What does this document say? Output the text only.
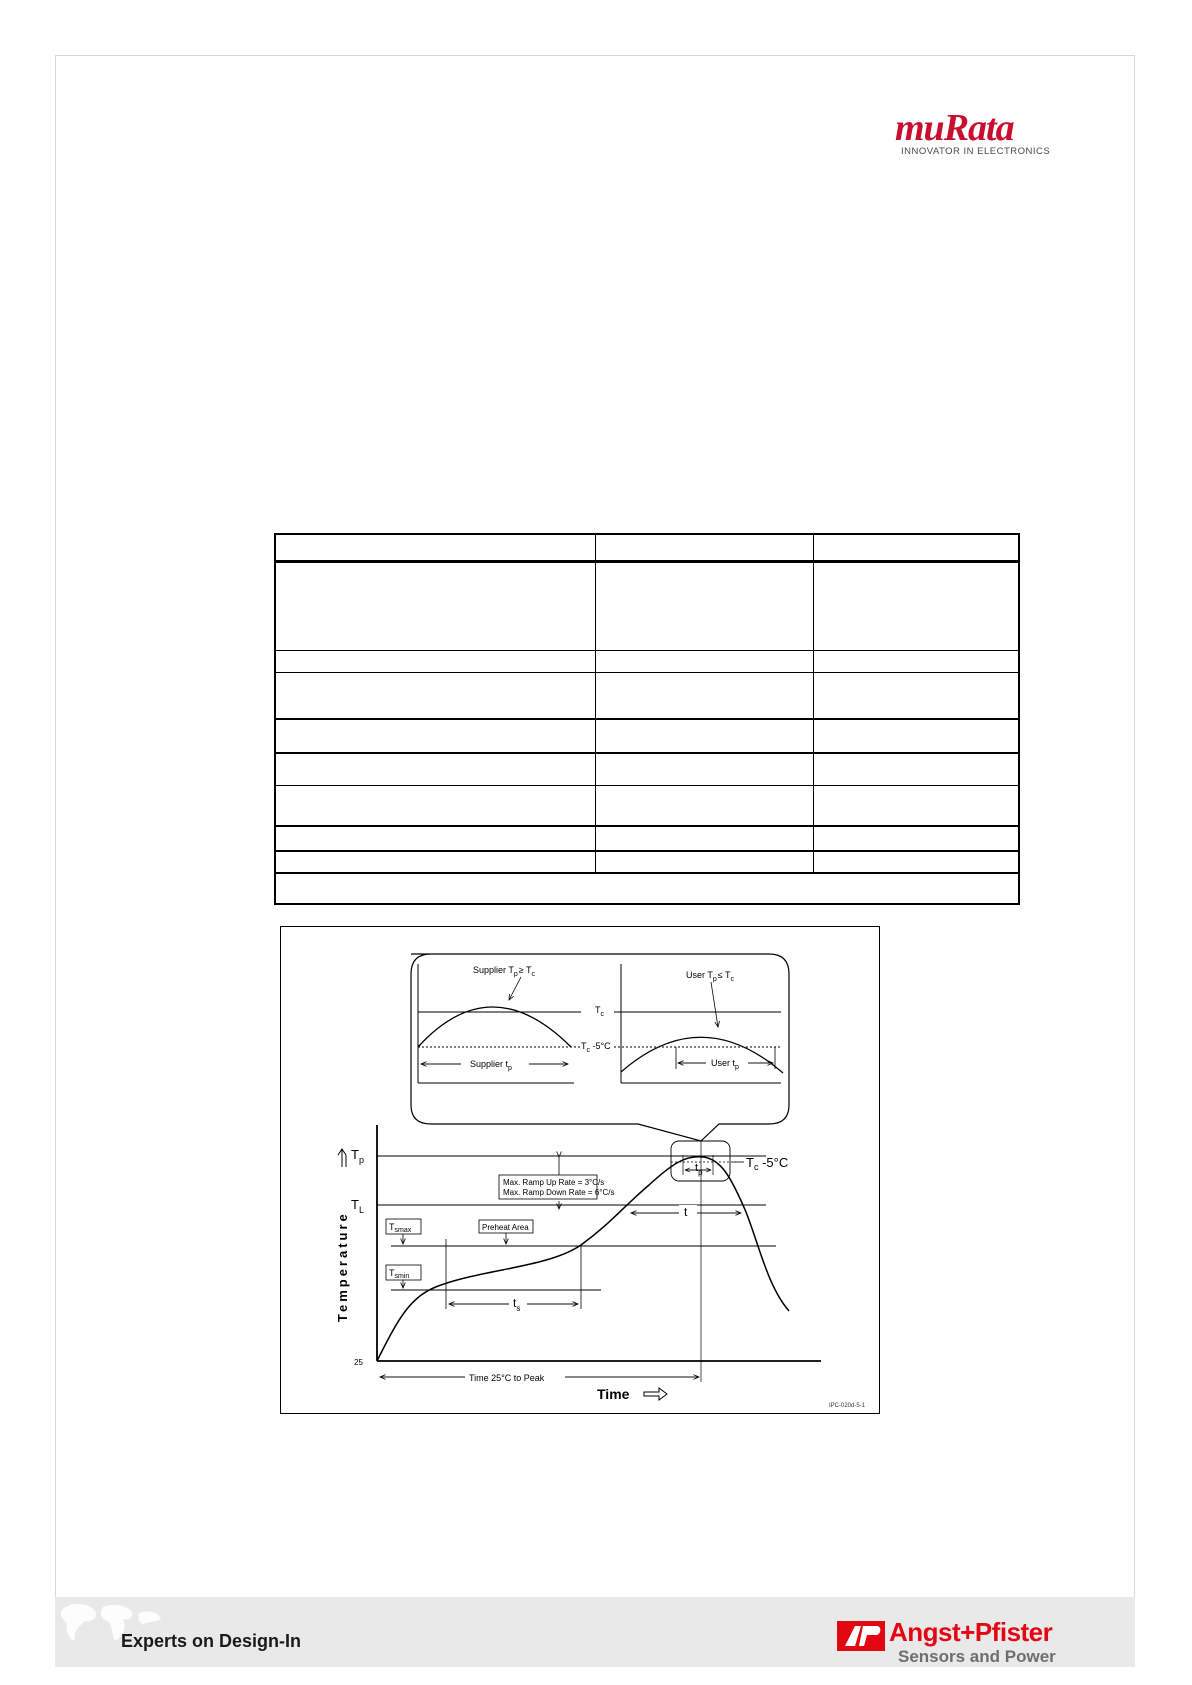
muRata
INNOVATOR IN ELECTRONICS
Supplier $T_p\ge T_c$
Supplier $t_p$
$T_c$
$T_c$ -5°C
User $T_p\le T_c$
User $t_p$
$T_p$
$T_L$
$T_c$ -5°C
$t_p$
Max. Ramp Up Rate = 3°C/s
Max. Ramp Down Rate = 6°C/s
t
$T_{smax}$
$T_{smin}$
Preheat Area
$t_s$
Temperature
25
Time 25°C to Peak
Time
IPC-020d-5-1
Experts on Design-In	Angst+Pfister
Sensors and Power
